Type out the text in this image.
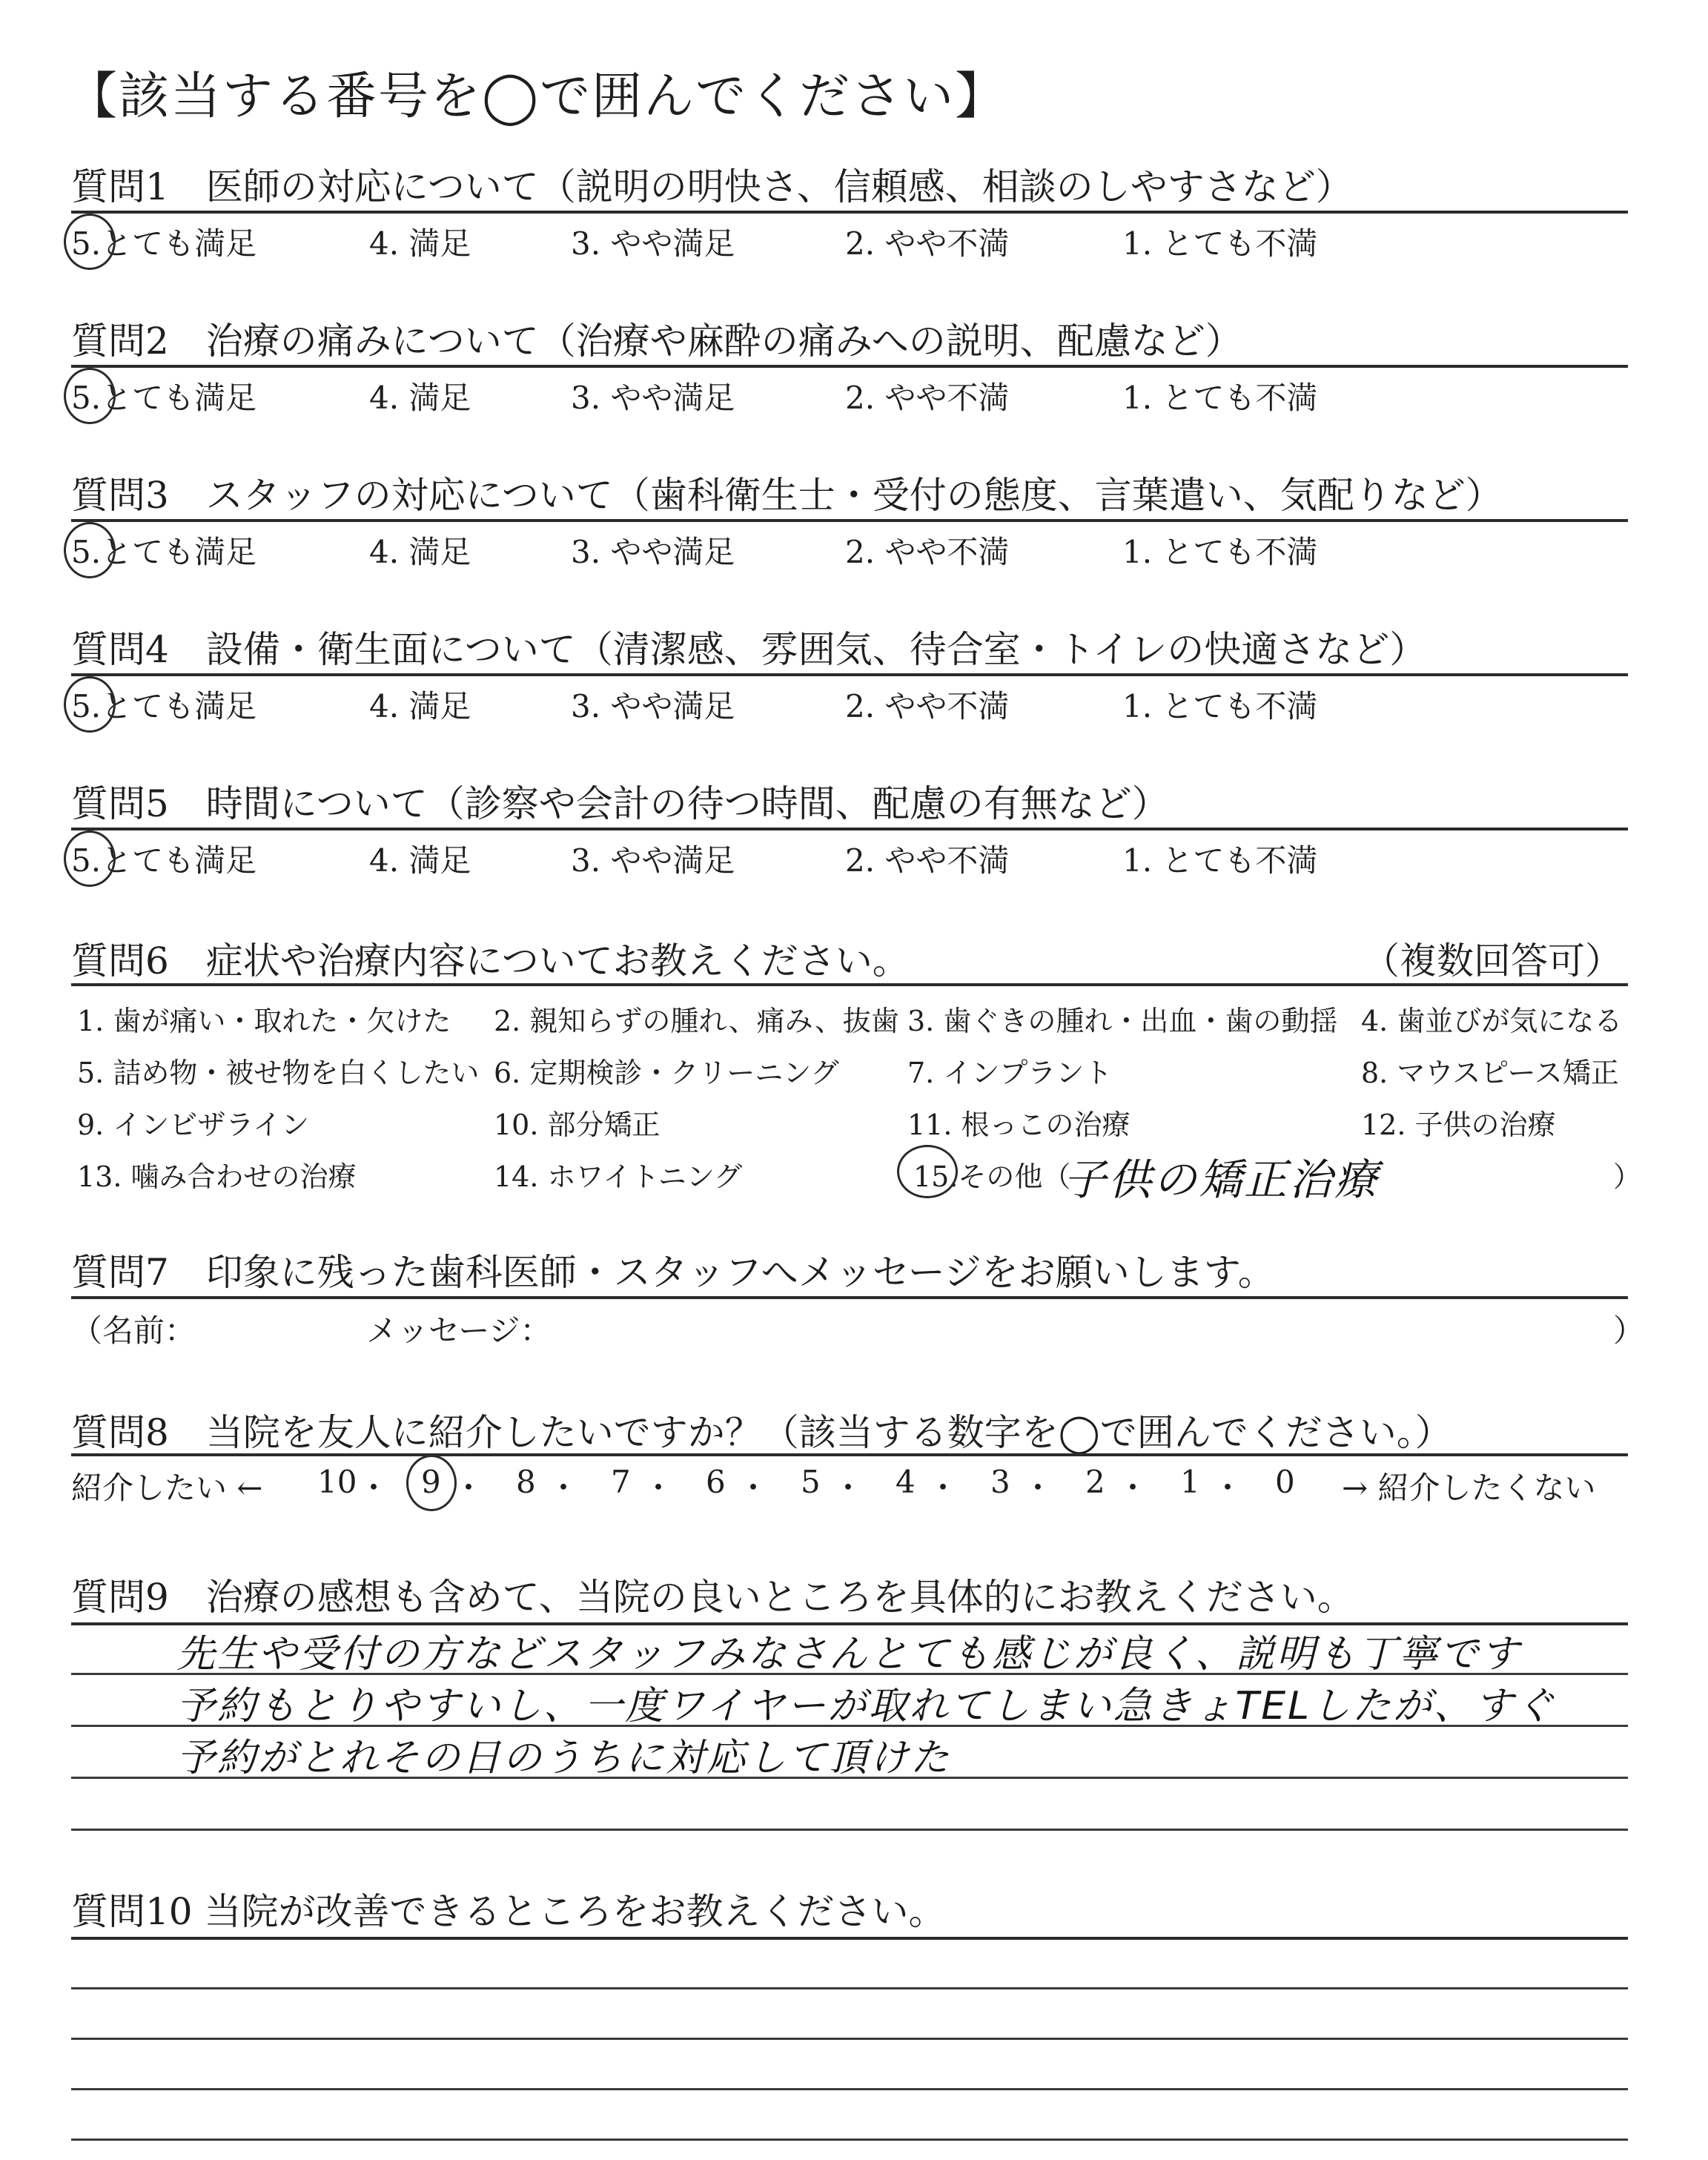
【該当する番号を◯で囲んでください】
質問1　医師の対応について（説明の明快さ、信頼感、相談のしやすさなど）
5.とても満足	4. 満足	3. やや満足	2. やや不満	1. とても不満
質問2　治療の痛みについて（治療や麻酔の痛みへの説明、配慮など）
5.とても満足	4. 満足	3. やや満足	2. やや不満	1. とても不満
質問3　スタッフの対応について（歯科衛生士・受付の態度、言葉遣い、気配りなど）
5.とても満足	4. 満足	3. やや満足	2. やや不満	1. とても不満
質問4　設備・衛生面について（清潔感、雰囲気、待合室・トイレの快適さなど）
5.とても満足	4. 満足	3. やや満足	2. やや不満	1. とても不満
質問5　時間について（診察や会計の待つ時間、配慮の有無など）
5.とても満足	4. 満足	3. やや満足	2. やや不満	1. とても不満
質問6　症状や治療内容についてお教えください。	（複数回答可）
1. 歯が痛い・取れた・欠けた 2. 親知らずの腫れ、痛み、抜歯 3. 歯ぐきの腫れ・出血・歯の動揺 4. 歯並びが気になる
5. 詰め物・被せ物を白くしたい 6. 定期検診・クリーニング 7. インプラント	8. マウスピース矯正
9. インビザライン	10. 部分矯正	11. 根っこの治療	12. 子供の治療
13. 噛み合わせの治療	14. ホワイトニング	15.その他（
子供の矯正治療	）
質問7　印象に残った歯科医師・スタッフへメッセージをお願いします。
（名前：	メッセージ：	）
質問8　当院を友人に紹介したいですか？（該当する数字を◯で囲んでください。）
紹介したい ← 10 ・ 9 ・ 8 ・ 7 ・ 6 ・ 5 ・ 4 ・ 3 ・ 2 ・ 1 ・ 0 → 紹介したくない
質問9　治療の感想も含めて、当院の良いところを具体的にお教えください。
先生や受付の方などスタッフみなさんとても感じが良く、説明も丁寧です
予約もとりやすいし、一度ワイヤーが取れてしまい急きょTELしたが、すぐ
予約がとれその日のうちに対応して頂けた
質問10 当院が改善できるところをお教えください。
